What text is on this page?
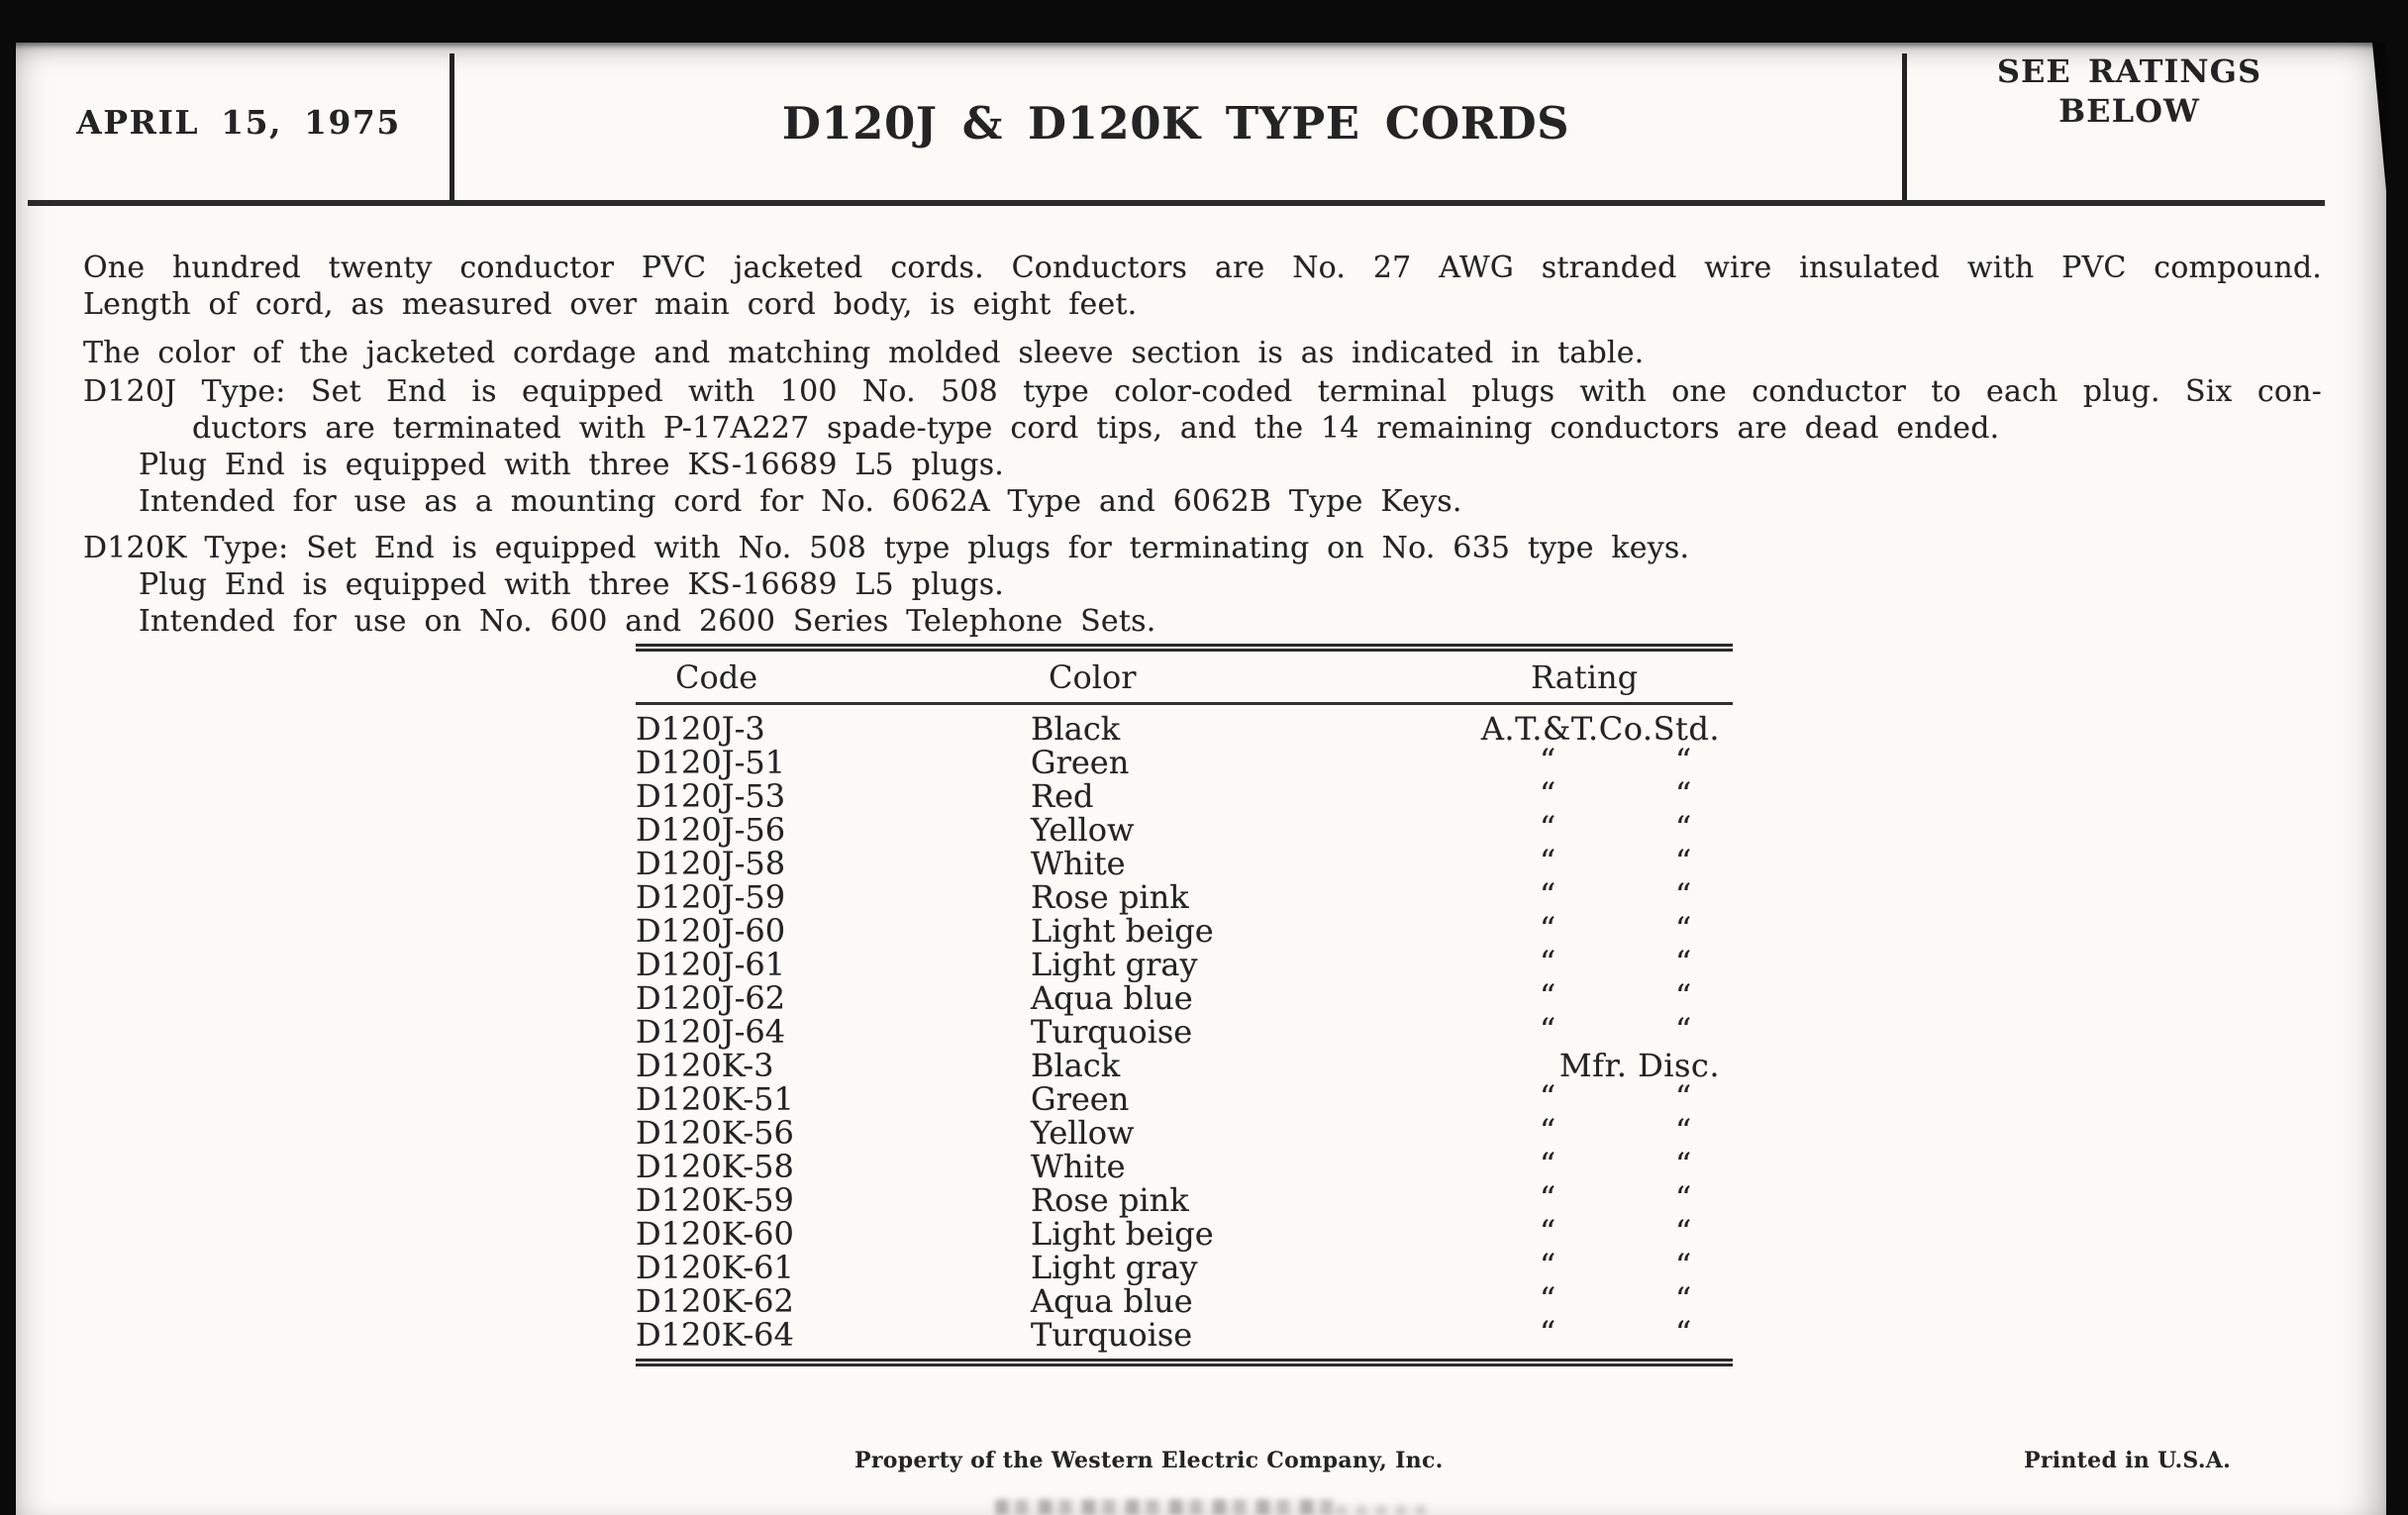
APRIL 15, 1975	D120J & D120K TYPE CORDS
SEE RATINGS
BELOW
One hundred twenty conductor PVC jacketed cords. Conductors are No. 27 AWG stranded wire insulated with PVC compound.
Length of cord, as measured over main cord body, is eight feet.
The color of the jacketed cordage and matching molded sleeve section is as indicated in table.
D120J Type: Set End is equipped with 100 No. 508 type color-coded terminal plugs with one conductor to each plug. Six con-
ductors are terminated with P-17A227 spade-type cord tips, and the 14 remaining conductors are dead ended.
Plug End is equipped with three KS-16689 L5 plugs.
Intended for use as a mounting cord for No. 6062A Type and 6062B Type Keys.
D120K Type: Set End is equipped with No. 508 type plugs for terminating on No. 635 type keys.
Plug End is equipped with three KS-16689 L5 plugs.
Intended for use on No. 600 and 2600 Series Telephone Sets.
Code	Color	Rating
D120J-3	Black	A.T.&T.Co.Std.
D120J-51	Green	“	“
D120J-53	Red	“	“
D120J-56	Yellow	“	“
D120J-58	White	“	“
D120J-59	Rose pink	“	“
D120J-60	Light beige	“	“
D120J-61	Light gray	“	“
D120J-62	Aqua blue	“	“
D120J-64	Turquoise	“	“
D120K-3	Black	Mfr. Disc.
D120K-51	Green	“	“
D120K-56	Yellow	“	“
D120K-58	White	“	“
D120K-59	Rose pink	“	“
D120K-60	Light beige	“	“
D120K-61	Light gray	“	“
D120K-62	Aqua blue	“	“
D120K-64	Turquoise	“	“
Property of the Western Electric Company, Inc.	Printed in U.S.A.
